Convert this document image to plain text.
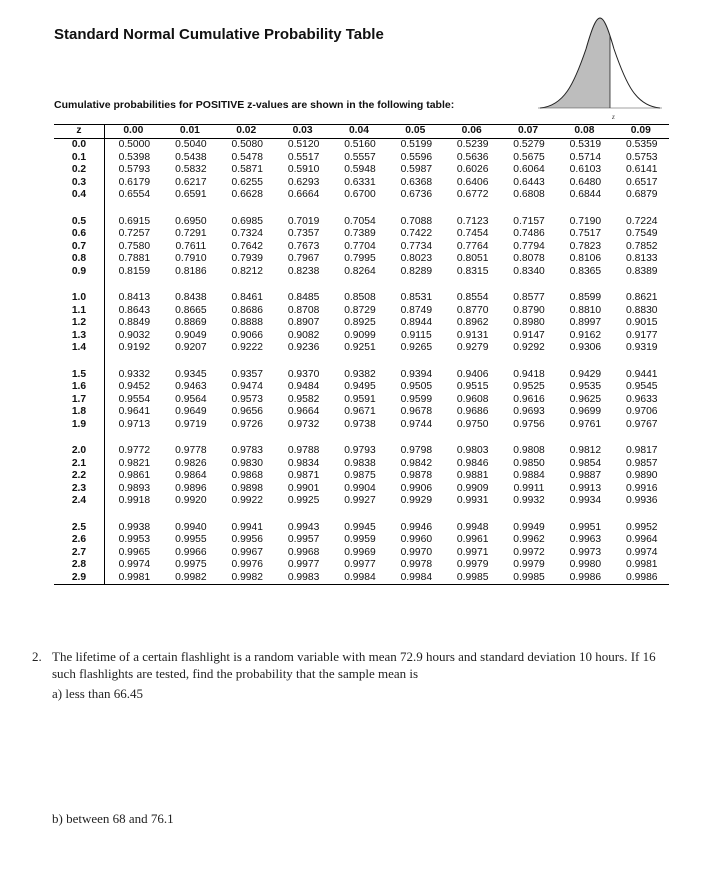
Standard Normal Cumulative Probability Table
z
Cumulative probabilities for POSITIVE z-values are shown in the following table:
z	0.00	0.01	0.02	0.03	0.04	0.05	0.06	0.07	0.08	0.09
0.0	0.5000	0.5040	0.5080	0.5120	0.5160	0.5199	0.5239	0.5279	0.5319	0.5359
0.1	0.5398	0.5438	0.5478	0.5517	0.5557	0.5596	0.5636	0.5675	0.5714	0.5753
0.2	0.5793	0.5832	0.5871	0.5910	0.5948	0.5987	0.6026	0.6064	0.6103	0.6141
0.3	0.6179	0.6217	0.6255	0.6293	0.6331	0.6368	0.6406	0.6443	0.6480	0.6517
0.4	0.6554	0.6591	0.6628	0.6664	0.6700	0.6736	0.6772	0.6808	0.6844	0.6879

0.5	0.6915	0.6950	0.6985	0.7019	0.7054	0.7088	0.7123	0.7157	0.7190	0.7224
0.6	0.7257	0.7291	0.7324	0.7357	0.7389	0.7422	0.7454	0.7486	0.7517	0.7549
0.7	0.7580	0.7611	0.7642	0.7673	0.7704	0.7734	0.7764	0.7794	0.7823	0.7852
0.8	0.7881	0.7910	0.7939	0.7967	0.7995	0.8023	0.8051	0.8078	0.8106	0.8133
0.9	0.8159	0.8186	0.8212	0.8238	0.8264	0.8289	0.8315	0.8340	0.8365	0.8389

1.0	0.8413	0.8438	0.8461	0.8485	0.8508	0.8531	0.8554	0.8577	0.8599	0.8621
1.1	0.8643	0.8665	0.8686	0.8708	0.8729	0.8749	0.8770	0.8790	0.8810	0.8830
1.2	0.8849	0.8869	0.8888	0.8907	0.8925	0.8944	0.8962	0.8980	0.8997	0.9015
1.3	0.9032	0.9049	0.9066	0.9082	0.9099	0.9115	0.9131	0.9147	0.9162	0.9177
1.4	0.9192	0.9207	0.9222	0.9236	0.9251	0.9265	0.9279	0.9292	0.9306	0.9319

1.5	0.9332	0.9345	0.9357	0.9370	0.9382	0.9394	0.9406	0.9418	0.9429	0.9441
1.6	0.9452	0.9463	0.9474	0.9484	0.9495	0.9505	0.9515	0.9525	0.9535	0.9545
1.7	0.9554	0.9564	0.9573	0.9582	0.9591	0.9599	0.9608	0.9616	0.9625	0.9633
1.8	0.9641	0.9649	0.9656	0.9664	0.9671	0.9678	0.9686	0.9693	0.9699	0.9706
1.9	0.9713	0.9719	0.9726	0.9732	0.9738	0.9744	0.9750	0.9756	0.9761	0.9767

2.0	0.9772	0.9778	0.9783	0.9788	0.9793	0.9798	0.9803	0.9808	0.9812	0.9817
2.1	0.9821	0.9826	0.9830	0.9834	0.9838	0.9842	0.9846	0.9850	0.9854	0.9857
2.2	0.9861	0.9864	0.9868	0.9871	0.9875	0.9878	0.9881	0.9884	0.9887	0.9890
2.3	0.9893	0.9896	0.9898	0.9901	0.9904	0.9906	0.9909	0.9911	0.9913	0.9916
2.4	0.9918	0.9920	0.9922	0.9925	0.9927	0.9929	0.9931	0.9932	0.9934	0.9936

2.5	0.9938	0.9940	0.9941	0.9943	0.9945	0.9946	0.9948	0.9949	0.9951	0.9952
2.6	0.9953	0.9955	0.9956	0.9957	0.9959	0.9960	0.9961	0.9962	0.9963	0.9964
2.7	0.9965	0.9966	0.9967	0.9968	0.9969	0.9970	0.9971	0.9972	0.9973	0.9974
2.8	0.9974	0.9975	0.9976	0.9977	0.9977	0.9978	0.9979	0.9979	0.9980	0.9981
2.9	0.9981	0.9982	0.9982	0.9983	0.9984	0.9984	0.9985	0.9985	0.9986	0.9986
2. The lifetime of a certain flashlight is a random variable with mean 72.9 hours and standard deviation 10 hours. If 16 such flashlights are tested, find the probability that the sample mean is
a) less than 66.45
b) between 68 and 76.1
